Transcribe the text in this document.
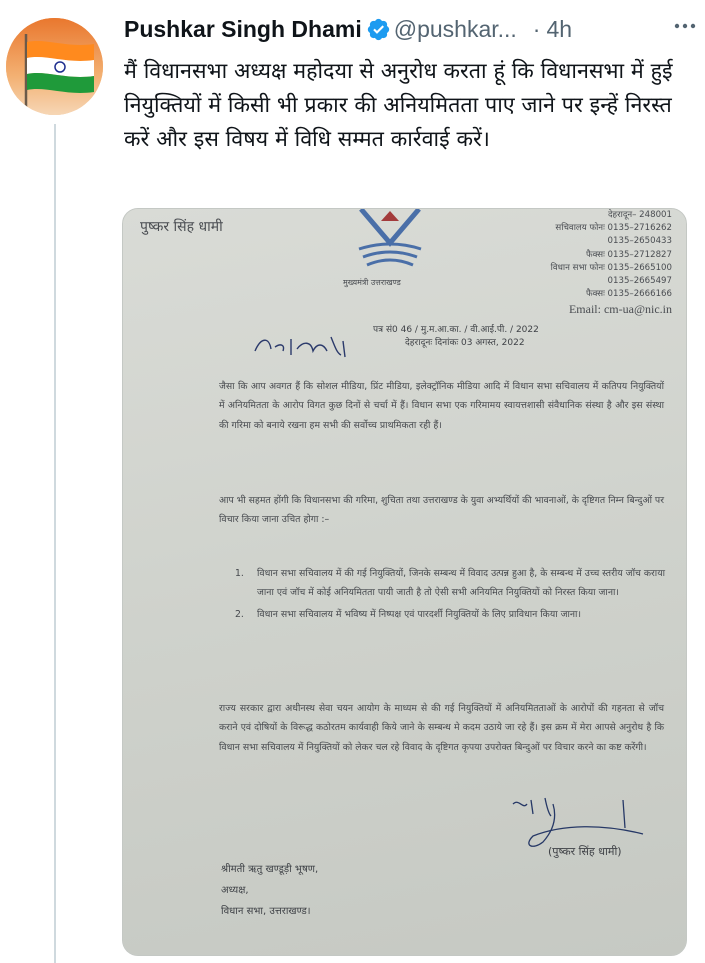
Pushkar Singh Dhami @pushkar... · 4h
मैं विधानसभा अध्यक्ष महोदया से अनुरोध करता हूं कि विधानसभा में हुई नियुक्तियों में किसी भी प्रकार की अनियमितता पाए जाने पर इन्हें निरस्त करें और इस विषय में विधि सम्मत कार्रवाई करें।
पुष्कर सिंह धामी
मुख्यमंत्री उत्तराखण्ड
देहरादून– 248001
सचिवालय फोनः 0135–2716262
0135–2650433
फैक्सः 0135–2712827
विधान सभा फोनः 0135–2665100
0135–2665497
फैक्सः 0135–2666166
Email: cm-ua@nic.in
पत्र सं0 46 / मु.म.आ.का. / वी.आई.पी. / 2022
देहरादूनः दिनांकः 03 अगस्त, 2022
जैसा कि आप अवगत हैं कि सोशल मीडिया, प्रिंट मीडिया, इलेक्ट्रॉनिक मीडिया आदि में विधान सभा सचिवालय में कतिपय नियुक्तियों में अनियमितता के आरोप विगत कुछ दिनों से चर्चा में हैं। विधान सभा एक गरिमामय स्वायत्तशासी संवैधानिक संस्था है और इस संस्था की गरिमा को बनाये रखना हम सभी की सर्वोच्च प्राथमिकता रही हैं।
आप भी सहमत होंगी कि विधानसभा की गरिमा, शुचिता तथा उत्तराखण्ड के युवा अभ्यर्थियों की भावनाओं, के दृष्टिगत निम्न बिन्दुओं पर विचार किया जाना उचित होगा :–
1. विधान सभा सचिवालय में की गई नियुक्तियों, जिनके सम्बन्ध में विवाद उत्पन्न हुआ है, के सम्बन्ध में उच्च स्तरीय जॉच कराया जाना एवं जॉच में कोई अनियमितता पायी जाती है तो ऐसी सभी अनियमित नियुक्तियों को निरस्त किया जाना।
2. विधान सभा सचिवालय में भविष्य में निष्पक्ष एवं पारदर्शी नियुक्तियों के लिए प्राविधान किया जाना।
राज्य सरकार द्वारा अधीनस्थ सेवा चयन आयोग के माध्यम से की गई नियुक्तियों में अनियमितताओं के आरोपों की गहनता से जॉच कराने एवं दोषियों के विरूद्ध कठोरतम कार्यवाही किये जाने के सम्बन्ध मे कदम उठाये जा रहे हैं। इस क्रम में मेरा आपसे अनुरोध है कि विधान सभा सचिवालय में नियुक्तियों को लेकर चल रहे विवाद के दृष्टिगत कृपया उपरोक्त बिन्दुओं पर विचार करने का कष्ट करेंगी।
(पुष्कर सिंह धामी)
श्रीमती ऋतु खण्डूड़ी भूषण,
अध्यक्ष,
विधान सभा, उत्तराखण्ड।
